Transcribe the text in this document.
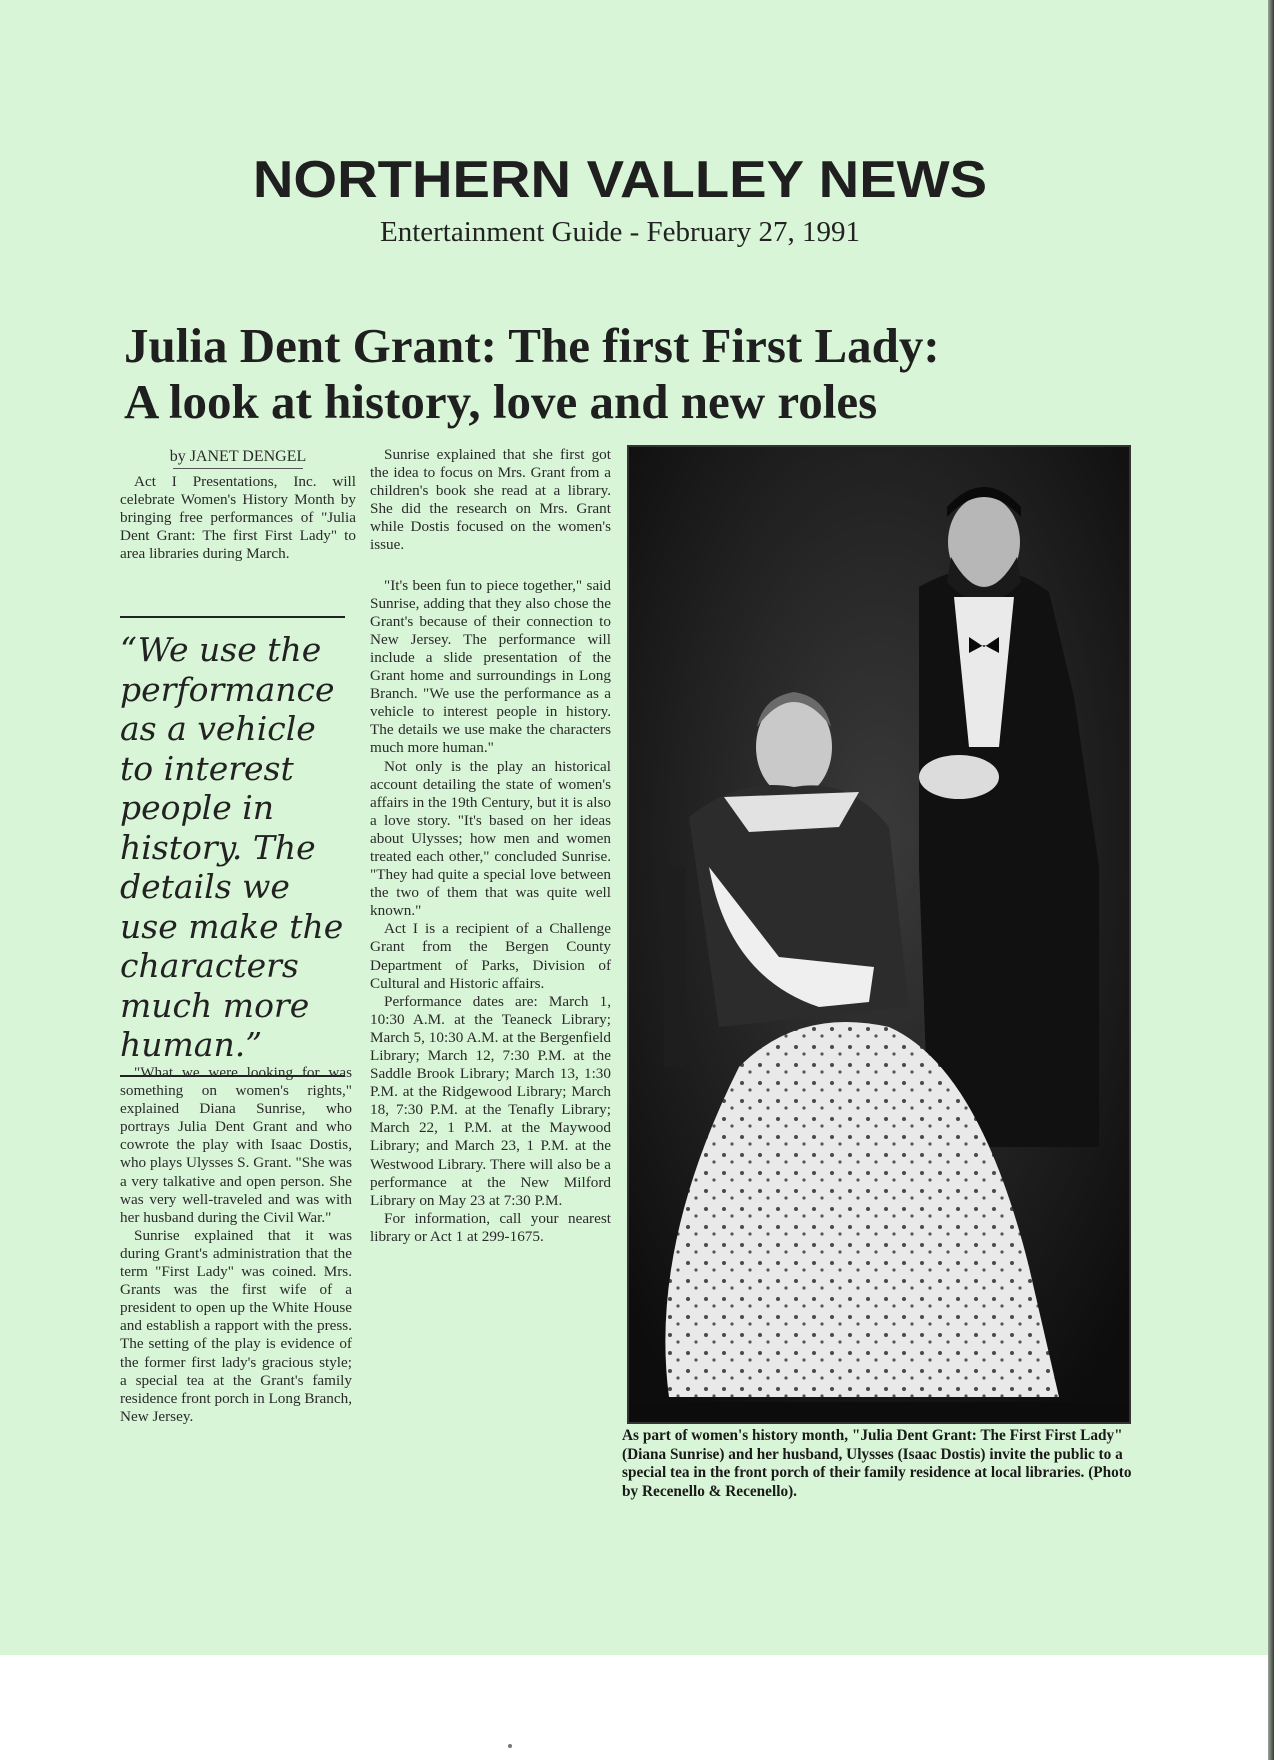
NORTHERN VALLEY NEWS
Entertainment Guide - February 27, 1991
Julia Dent Grant: The first First Lady:
A look at history, love and new roles

by JANET DENGEL

Act I Presentations, Inc. will celebrate Women's History Month by bringing free performances of "Julia Dent Grant: The first First Lady" to area libraries during March.

“We use the performance as a vehicle to interest people in history. The details we use make the characters much more human.”

"What we were looking for was something on women's rights," explained Diana Sunrise, who portrays Julia Dent Grant and who cowrote the play with Isaac Dostis, who plays Ulysses S. Grant. "She was a very talkative and open person. She was very well-traveled and was with her husband during the Civil War."

Sunrise explained that it was during Grant's administration that the term "First Lady" was coined. Mrs. Grants was the first wife of a president to open up the White House and establish a rapport with the press. The setting of the play is evidence of the former first lady's gracious style; a special tea at the Grant's family residence front porch in Long Branch, New Jersey.

Sunrise explained that she first got the idea to focus on Mrs. Grant from a children's book she read at a library. She did the research on Mrs. Grant while Dostis focused on the women's issue.

"It's been fun to piece together," said Sunrise, adding that they also chose the Grant's because of their connection to New Jersey. The performance will include a slide presentation of the Grant home and surroundings in Long Branch. "We use the performance as a vehicle to interest people in history. The details we use make the characters much more human."

Not only is the play an historical account detailing the state of women's affairs in the 19th Century, but it is also a love story. "It's based on her ideas about Ulysses; how men and women treated each other," concluded Sunrise. "They had quite a special love between the two of them that was quite well known."

Act I is a recipient of a Challenge Grant from the Bergen County Department of Parks, Division of Cultural and Historic affairs.

Performance dates are: March 1, 10:30 A.M. at the Teaneck Library; March 5, 10:30 A.M. at the Bergenfield Library; March 12, 7:30 P.M. at the Saddle Brook Library; March 13, 1:30 P.M. at the Ridgewood Library; March 18, 7:30 P.M. at the Tenafly Library; March 22, 1 P.M. at the Maywood Library; and March 23, 1 P.M. at the Westwood Library. There will also be a performance at the New Milford Library on May 23 at 7:30 P.M.

For information, call your nearest library or Act 1 at 299-1675.

As part of women's history month, "Julia Dent Grant: The First First Lady" (Diana Sunrise) and her husband, Ulysses (Isaac Dostis) invite the public to a special tea in the front porch of their family residence at local libraries. (Photo by Recenello & Recenello).
